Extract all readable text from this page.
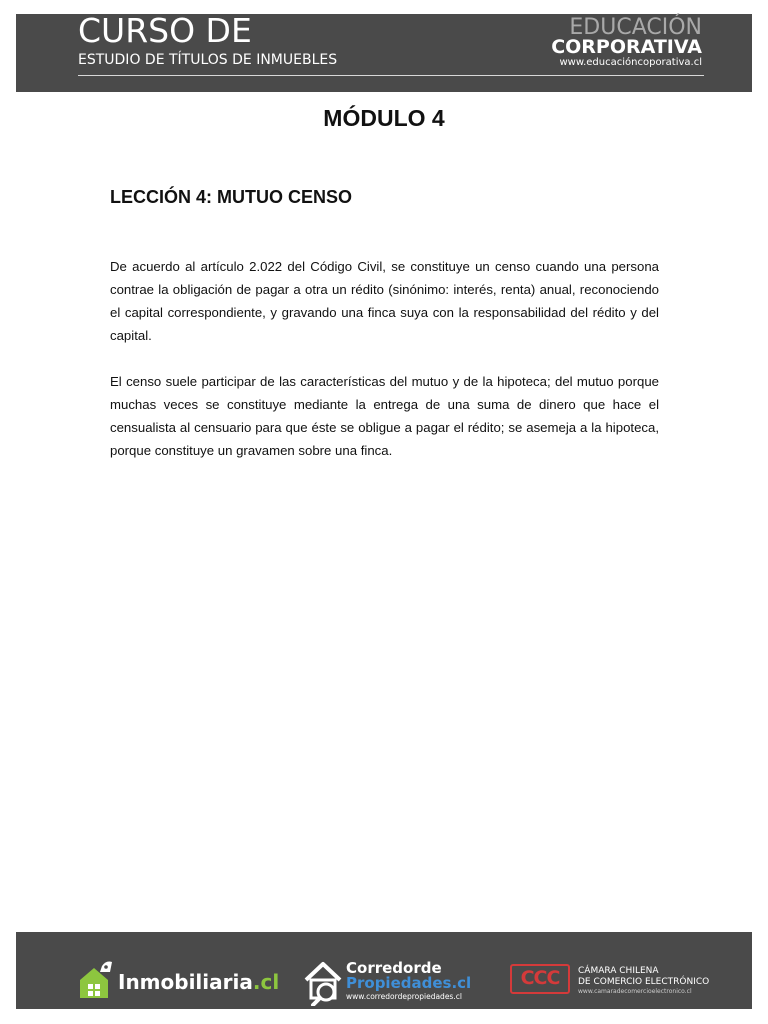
CURSO DE
ESTUDIO DE TÍTULOS DE INMUEBLES
EDUCACIÓN
CORPORATIVA
www.educacióncoporativa.cl
MÓDULO 4
LECCIÓN 4: MUTUO CENSO

De acuerdo al artículo 2.022 del Código Civil, se constituye un censo cuando una persona contrae la obligación de pagar a otra un rédito (sinónimo: interés, renta) anual, reconociendo el capital correspondiente, y gravando una finca suya con la responsabilidad del rédito y del capital.

El censo suele participar de las características del mutuo y de la hipoteca; del mutuo porque muchas veces se constituye mediante la entrega de una suma de dinero que hace el censualista al censuario para que éste se obligue a pagar el rédito; se asemeja a la hipoteca, porque constituye un gravamen sobre una finca.

Inmobiliaria.cl
Corredorde
Propiedades.cl
www.corredordepropiedades.cl
CCC	CÁMARA CHILENA
DE COMERCIO ELECTRÓNICO
www.camaradecomercioelectronico.cl
